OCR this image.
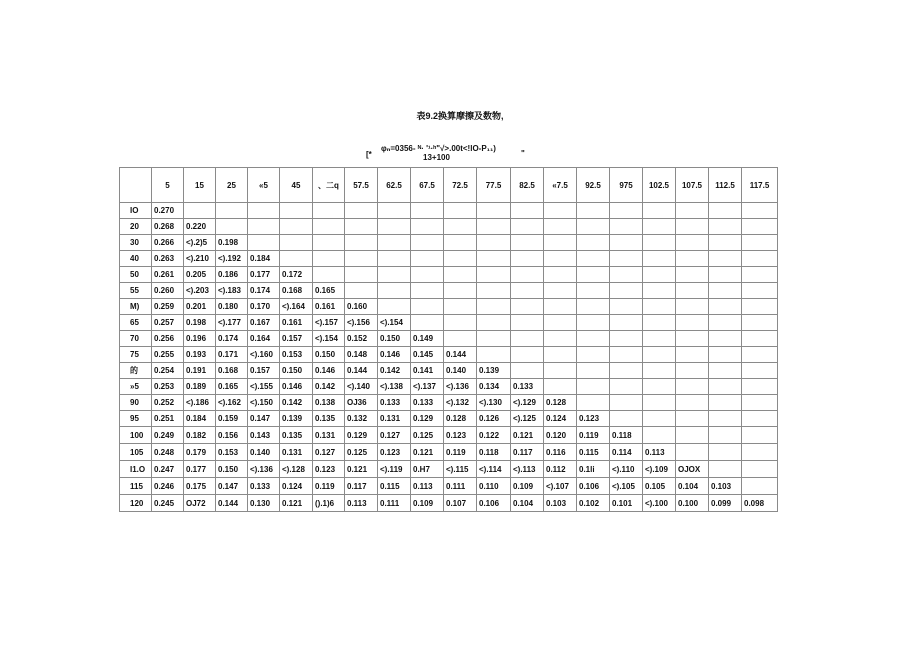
表9.2换算摩擦及数物,
[*
φₙ=0356- ᴺ· '¹·ʰ"√>.00t<!lO-P₁₁)
13+100	"
	5	15	25	«5	45	、二q	57.5	62.5	67.5	72.5	77.5	82.5	«7.5	92.5	975	102.5	107.5	112.5	117.5
IO	0.270																		
20	0.268	0.220																	
30	0.266	<).2)5	0.198																
40	0.263	<).210	<).192	0.184															
50	0.261	0.205	0.186	0.177	0.172														
55	0.260	<).203	<).183	0.174	0.168	0.165													
M)	0.259	0.201	0.180	0.170	<).164	0.161	0.160												
65	0.257	0.198	<).177	0.167	0.161	<).157	<).156	<).154											
70	0.256	0.196	0.174	0.164	0.157	<).154	0.152	0.150	0.149										
75	0.255	0.193	0.171	<).160	0.153	0.150	0.148	0.146	0.145	0.144									
的	0.254	0.191	0.168	0.157	0.150	0.146	0.144	0.142	0.141	0.140	0.139								
»5	0.253	0.189	0.165	<).155	0.146	0.142	<).140	<).138	<).137	<).136	0.134	0.133							
90	0.252	<).186	<).162	<).150	0.142	0.138	OJ36	0.133	0.133	<).132	<).130	<).129	0.128						
95	0.251	0.184	0.159	0.147	0.139	0.135	0.132	0.131	0.129	0.128	0.126	<).125	0.124	0.123					
100	0.249	0.182	0.156	0.143	0.135	0.131	0.129	0.127	0.125	0.123	0.122	0.121	0.120	0.119	0.118				
105	0.248	0.179	0.153	0.140	0.131	0.127	0.125	0.123	0.121	0.119	0.118	0.117	0.116	0.115	0.114	0.113			
I1.O	0.247	0.177	0.150	<).136	<).128	0.123	0.121	<).119	0.H7	<).115	<).114	<).113	0.112	0.1li	<).110	<).109	OJOX		
115	0.246	0.175	0.147	0.133	0.124	0.119	0.117	0.115	0.113	0.111	0.110	0.109	<).107	0.106	<).105	0.105	0.104	0.103	
120	0.245	OJ72	0.144	0.130	0.121	().1)6	0.113	0.111	0.109	0.107	0.106	0.104	0.103	0.102	0.101	<).100	0.100	0.099	0.098
